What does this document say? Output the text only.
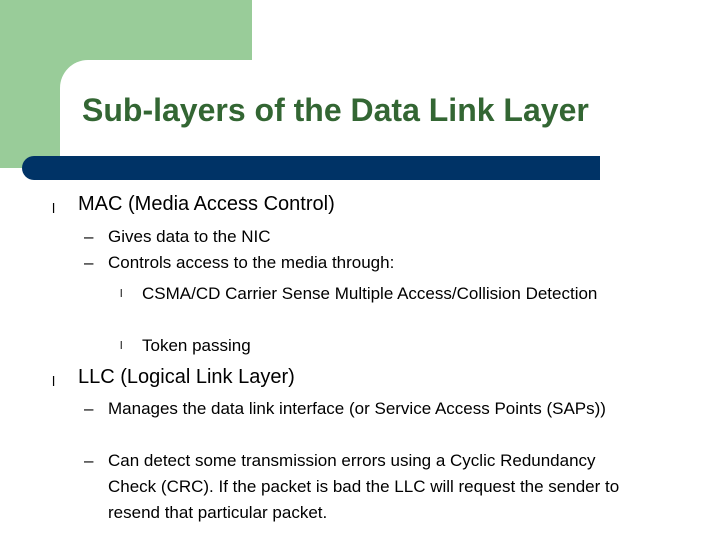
Sub-layers of the Data Link Layer
l MAC (Media Access Control)
– Gives data to the NIC
– Controls access to the media through:
l CSMA/CD Carrier Sense Multiple Access/Collision Detection
l Token passing
l LLC (Logical Link Layer)
– Manages the data link interface (or Service Access Points (SAPs))
– Can detect some transmission errors using a Cyclic Redundancy Check (CRC). If the packet is bad the LLC will request the sender to resend that particular packet.
